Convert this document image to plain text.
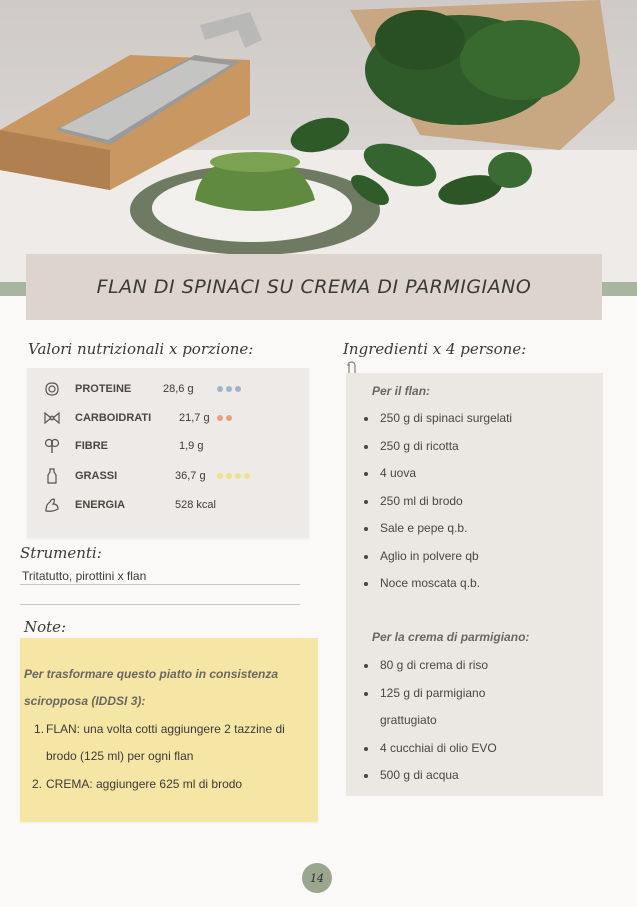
FLAN DI SPINACI SU CREMA DI PARMIGIANO
Valori nutrizionali x porzione:
PROTEINE	28,6 g
CARBOIDRATI	21,7 g
FIBRE	1,9 g
GRASSI	36,7 g
ENERGIA	528 kcal
Strumenti:
Tritatutto, pirottini x flan
Note:
Per trasformare questo piatto in consistenza
sciropposa (IDDSI 3):
1. FLAN: una volta cotti aggiungere 2 tazzine di
brodo (125 ml) per ogni flan
2. CREMA: aggiungere 625 ml di brodo
Ingredienti x 4 persone:
Per il flan:
250 g di spinaci surgelati
250 g di ricotta
4 uova
250 ml di brodo
Sale e pepe q.b.
Aglio in polvere qb
Noce moscata q.b.
Per la crema di parmigiano:
80 g di crema di riso
125 g di parmigiano
grattugiato
4 cucchiai di olio EVO
500 g di acqua
14
